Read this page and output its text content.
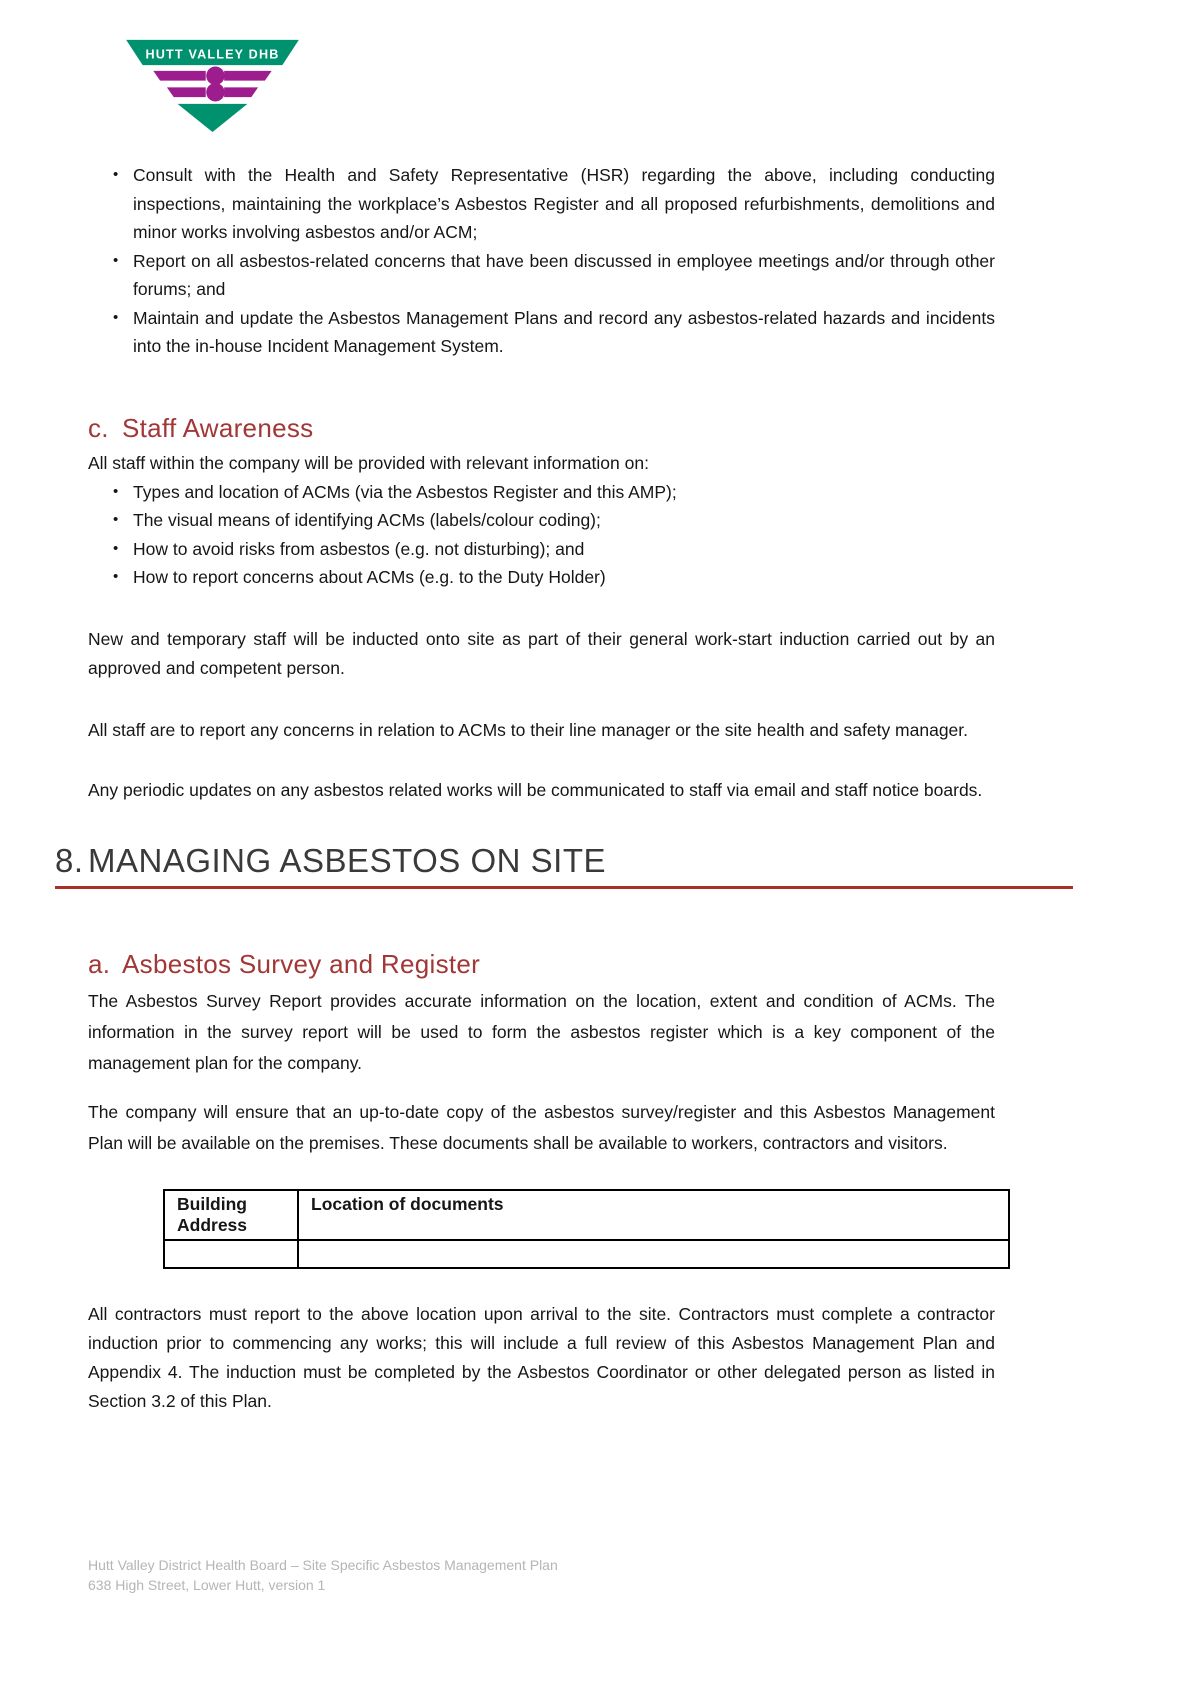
HUTT VALLEY DHB
• Consult with the Health and Safety Representative (HSR) regarding the above, including conducting inspections, maintaining the workplace’s Asbestos Register and all proposed refurbishments, demolitions and minor works involving asbestos and/or ACM;
• Report on all asbestos-related concerns that have been discussed in employee meetings and/or through other forums; and
• Maintain and update the Asbestos Management Plans and record any asbestos-related hazards and incidents into the in-house Incident Management System.
c. Staff Awareness

All staff within the company will be provided with relevant information on:

• Types and location of ACMs (via the Asbestos Register and this AMP);
• The visual means of identifying ACMs (labels/colour coding);
• How to avoid risks from asbestos (e.g. not disturbing); and
• How to report concerns about ACMs (e.g. to the Duty Holder)

New and temporary staff will be inducted onto site as part of their general work-start induction carried out by an approved and competent person.

All staff are to report any concerns in relation to ACMs to their line manager or the site health and safety manager.

Any periodic updates on any asbestos related works will be communicated to staff via email and staff notice boards.

8. MANAGING ASBESTOS ON SITE
a. Asbestos Survey and Register

The Asbestos Survey Report provides accurate information on the location, extent and condition of ACMs. The information in the survey report will be used to form the asbestos register which is a key component of the management plan for the company.

The company will ensure that an up-to-date copy of the asbestos survey/register and this Asbestos Management Plan will be available on the premises. These documents shall be available to workers, contractors and visitors.

Building Address	Location of documents

All contractors must report to the above location upon arrival to the site. Contractors must complete a contractor induction prior to commencing any works; this will include a full review of this Asbestos Management Plan and Appendix 4. The induction must be completed by the Asbestos Coordinator or other delegated person as listed in Section 3.2 of this Plan.

Hutt Valley District Health Board – Site Specific Asbestos Management Plan
638 High Street, Lower Hutt, version 1
